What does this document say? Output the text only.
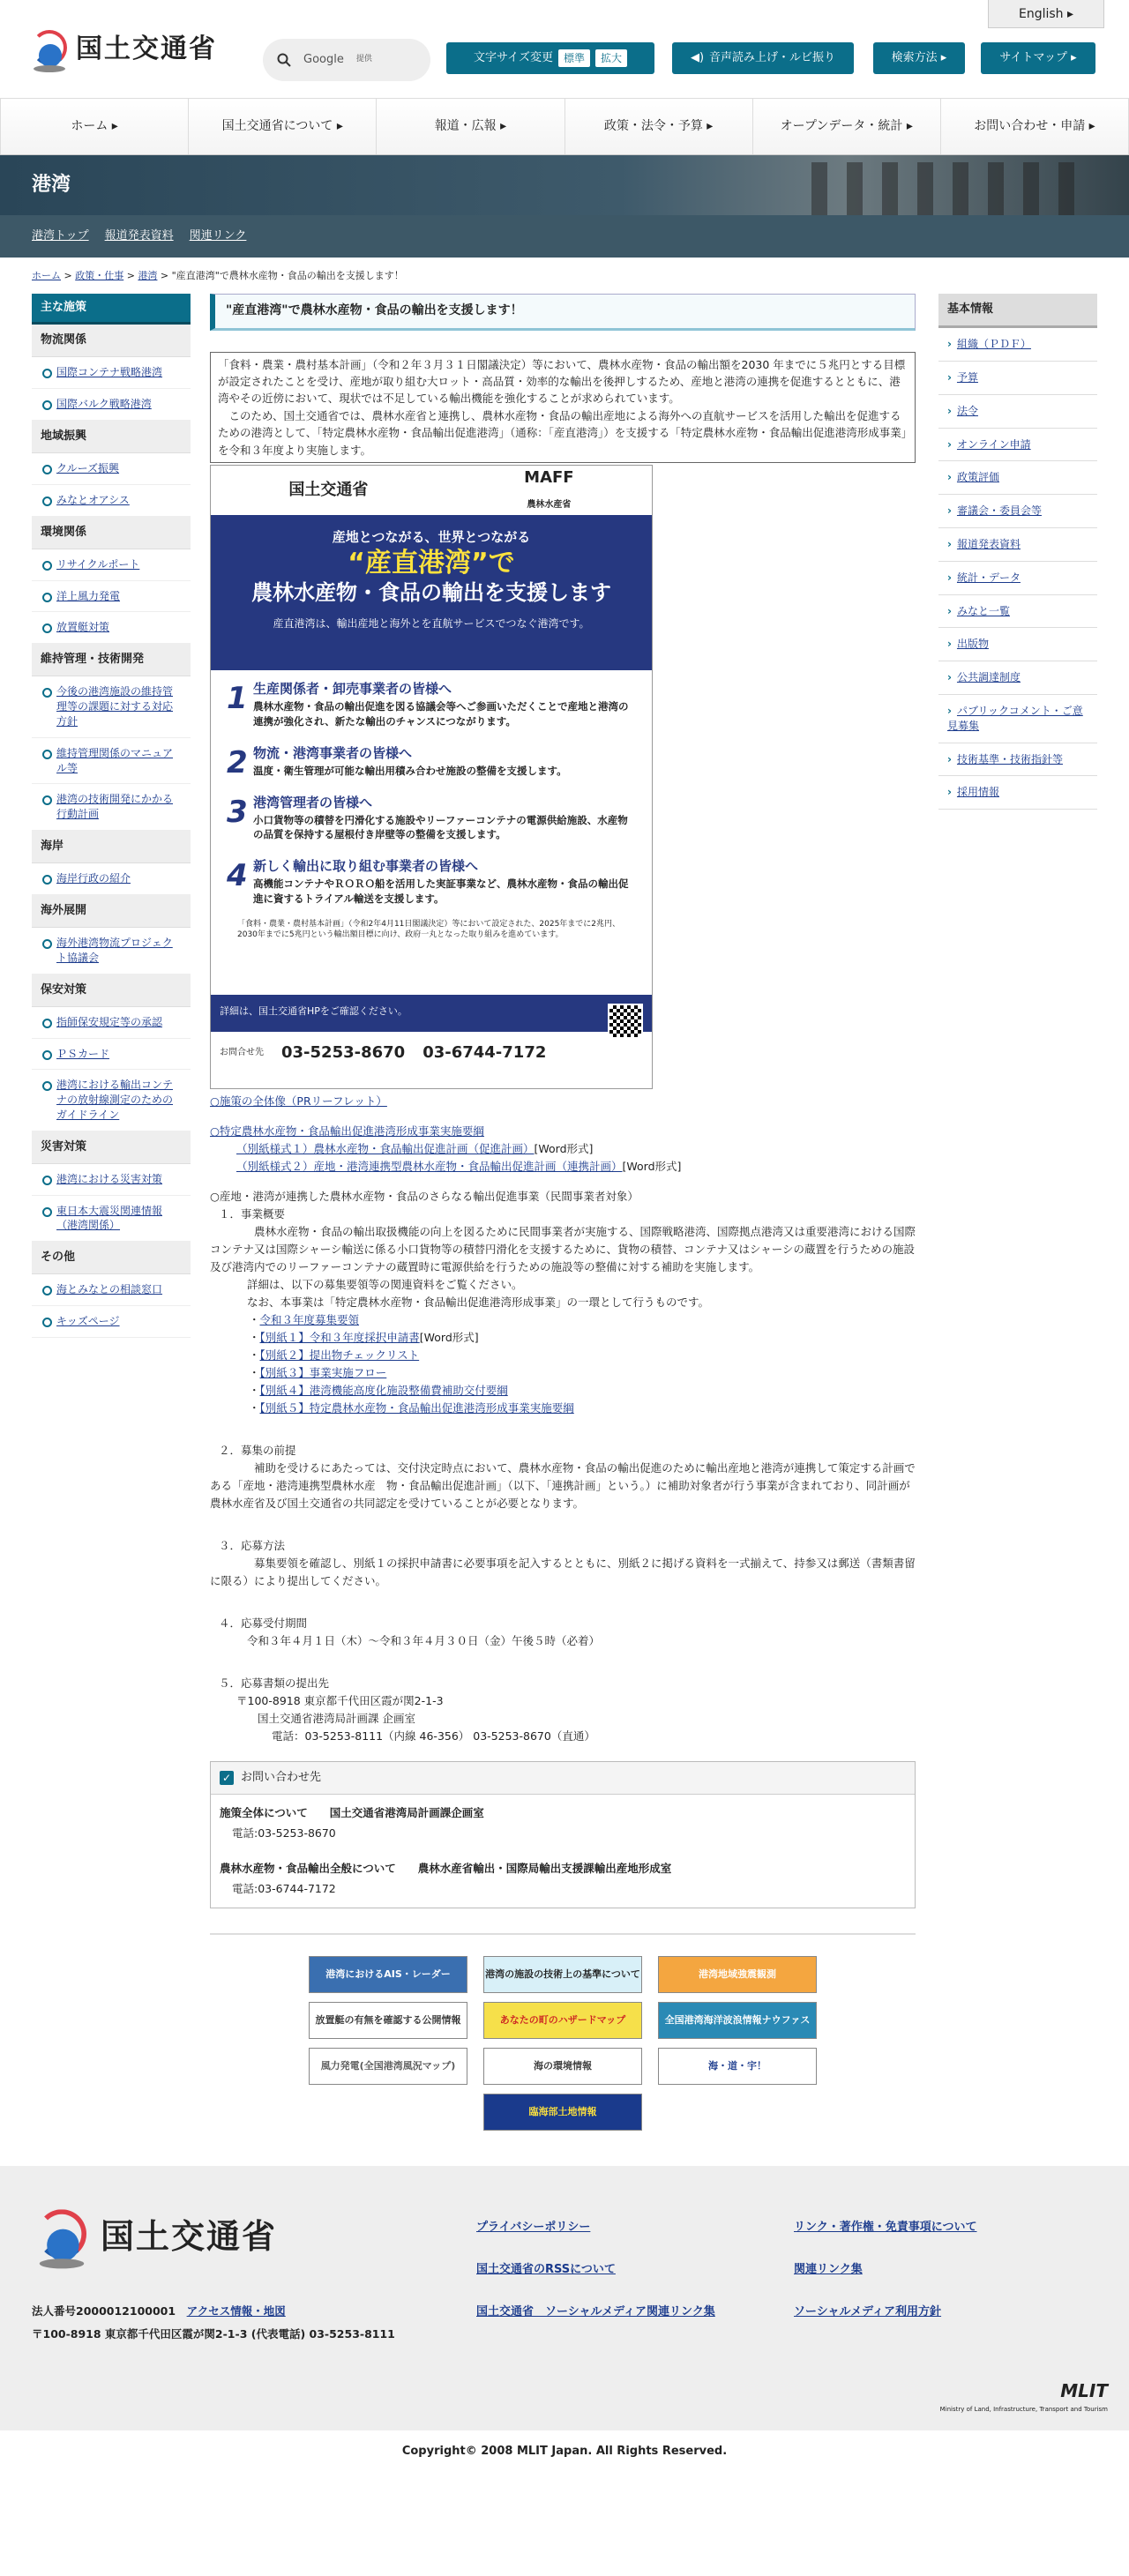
国土交通省	Google 提供
English ▸
文字サイズ変更	標準	拡大	◀) 音声読み上げ・ルビ振り	検索方法 ▸	サイトマップ ▸
ホーム ▸	国土交通省について ▸	報道・広報 ▸	政策・法令・予算 ▸	オープンデータ・統計 ▸	お問い合わせ・申請 ▸
港湾
港湾トップ 報道発表資料 関連リンク
ホーム > 政策・仕事 > 港湾 > "産直港湾"で農林水産物・食品の輸出を支援します！
主な施策
物流関係
国際コンテナ戦略港湾
国際バルク戦略港湾
地域振興
クルーズ振興
みなとオアシス
環境関係
リサイクルポート
洋上風力発電
放置艇対策
維持管理・技術開発
今後の港湾施設の維持管理等の課題に対する対応方針
維持管理関係のマニュアル等
港湾の技術開発にかかる行動計画
海岸
海岸行政の紹介
海外展開
海外港湾物流プロジェクト協議会
保安対策
指師保安規定等の承認
ＰＳカード
港湾における輸出コンテナの放射線測定のためのガイドライン
災害対策
港湾における災害対策
東日本大震災関連情報（港湾関係）
その他
海とみなとの相談窓口
キッズページ
"産直港湾"で農林水産物・食品の輸出を支援します！

「食料・農業・農村基本計画」（令和２年３月３１日閣議決定）等において、農林水産物・食品の輸出額を2030 年までに５兆円とする目標が設定されたことを受け、産地が取り組む大ロット・高品質・効率的な輸出を後押しするため、産地と港湾の連携を促進するとともに、港湾やその近傍において、現状では不足している輸出機能を強化することが求められています。

このため、国土交通省では、農林水産省と連携し、農林水産物・食品の輸出産地による海外への直航サービスを活用した輸出を促進するための港湾として、「特定農林水産物・食品輸出促進港湾」（通称：「産直港湾」）を支援する「特定農林水産物・食品輸出促進港湾形成事業」を令和３年度より実施します。

国土交通省
MAFF
農林水産省
産地とつながる、世界とつながる
“産直港湾”で
農林水産物・食品の輸出を支援します
産直港湾は、輸出産地と海外とを直航サービスでつなぐ港湾です。
1 生産関係者・卸売事業者の皆様へ
農林水産物・食品の輸出促進を図る協議会等へご参画いただくことで産地と港湾の連携が強化され、新たな輸出のチャンスにつながります。
2 物流・港湾事業者の皆様へ
温度・衛生管理が可能な輸出用積み合わせ施設の整備を支援します。
3 港湾管理者の皆様へ
小口貨物等の積替を円滑化する施設やリーファーコンテナの電源供給施設、水産物の品質を保持する屋根付き岸壁等の整備を支援します。
4 新しく輸出に取り組む事業者の皆様へ
高機能コンテナやＲＯＲＯ船を活用した実証事業など、農林水産物・食品の輸出促進に資するトライアル輸送を支援します。
「食料・農業・農村基本計画」（令和2年4月11日閣議決定）等において設定された、2025年までに2兆円、2030年までに5兆円という輸出額目標に向け、政府一丸となった取り組みを進めています。
詳細は、国土交通省HPをご確認ください。
お問合せ先 03-5253-8670 03-6744-7172

○施策の全体像（PRリーフレット）

○特定農林水産物・食品輸出促進港湾形成事業実施要綱

（別紙様式１）農林水産物・食品輸出促進計画（促進計画）[Word形式]

（別紙様式２）産地・港湾連携型農林水産物・食品輸出促進計画（連携計画）[Word形式]

○産地・港湾が連携した農林水産物・食品のさらなる輸出促進事業（民間事業者対象）

１．事業概要

農林水産物・食品の輸出取扱機能の向上を図るために民間事業者が実施する、国際戦略港湾、国際拠点港湾又は重要港湾における国際コンテナ又は国際シャーシ輸送に係る小口貨物等の積替円滑化を支援するために、貨物の積替、コンテナ又はシャーシの蔵置を行うための施設及び港湾内でのリーファーコンテナの蔵置時に電源供給を行うための施設等の整備に対する補助を実施します。

詳細は、以下の募集要領等の関連資料をご覧ください。

なお、本事業は「特定農林水産物・食品輸出促進港湾形成事業」の一環として行うものです。

・令和３年度募集要領

・【別紙１】令和３年度採択申請書[Word形式]

・【別紙２】提出物チェックリスト

・【別紙３】事業実施フロー

・【別紙４】港湾機能高度化施設整備費補助交付要綱

・【別紙５】特定農林水産物・食品輸出促進港湾形成事業実施要綱

２．募集の前提

補助を受けるにあたっては、交付決定時点において、農林水産物・食品の輸出促進のために輸出産地と港湾が連携して策定する計画である「産地・港湾連携型農林水産　物・食品輸出促進計画」（以下、「連携計画」という。）に補助対象者が行う事業が含まれており、同計画が農林水産省及び国土交通省の共同認定を受けていることが必要となります。

３．応募方法

募集要領を確認し、別紙１の採択申請書に必要事項を記入するとともに、別紙２に掲げる資料を一式揃えて、持参又は郵送（書類書留に限る）により提出してください。

４．応募受付期間

令和３年４月１日（木）～令和３年４月３０日（金）午後５時（必着）

５．応募書類の提出先

〒100-8918 東京都千代田区霞が関2-1-3

国土交通省港湾局計画課 企画室

電話：03-5253-8111（内線 46-356） 03-5253-8670（直通）

✓ お問い合わせ先

施策全体について　　国土交通省港湾局計画課企画室

電話:03-5253-8670

農林水産物・食品輸出全般について　　農林水産省輸出・国際局輸出支援課輸出産地形成室

電話:03-6744-7172

港湾におけるAIS・レーダー	港湾の施設の技術上の基準について	港湾地域強震観測
放置艇の有無を確認する公開情報	あなたの町のハザードマップ	全国港湾海洋波浪情報ナウファス
風力発電(全国港湾風況マップ)	海の環境情報	海・道・宇！
臨海部土地情報
基本情報
› 組織（ＰＤＦ）
› 予算
› 法令
› オンライン申請
› 政策評価
› 審議会・委員会等
› 報道発表資料
› 統計・データ
› みなと一覧
› 出版物
› 公共調達制度
› パブリックコメント・ご意見募集
› 技術基準・技術指針等
› 採用情報
国土交通省	プライバシーポリシー	リンク・著作権・免責事項について
国土交通省のRSSについて	関連リンク集
国土交通省　ソーシャルメディア関連リンク集	ソーシャルメディア利用方針

法人番号2000012100001　 アクセス情報・地図

〒100-8918 東京都千代田区霞が関2-1-3 (代表電話) 03-5253-8111

MLIT
Ministry of Land, Infrastructure, Transport and Tourism
Copyright© 2008 MLIT Japan. All Rights Reserved.
